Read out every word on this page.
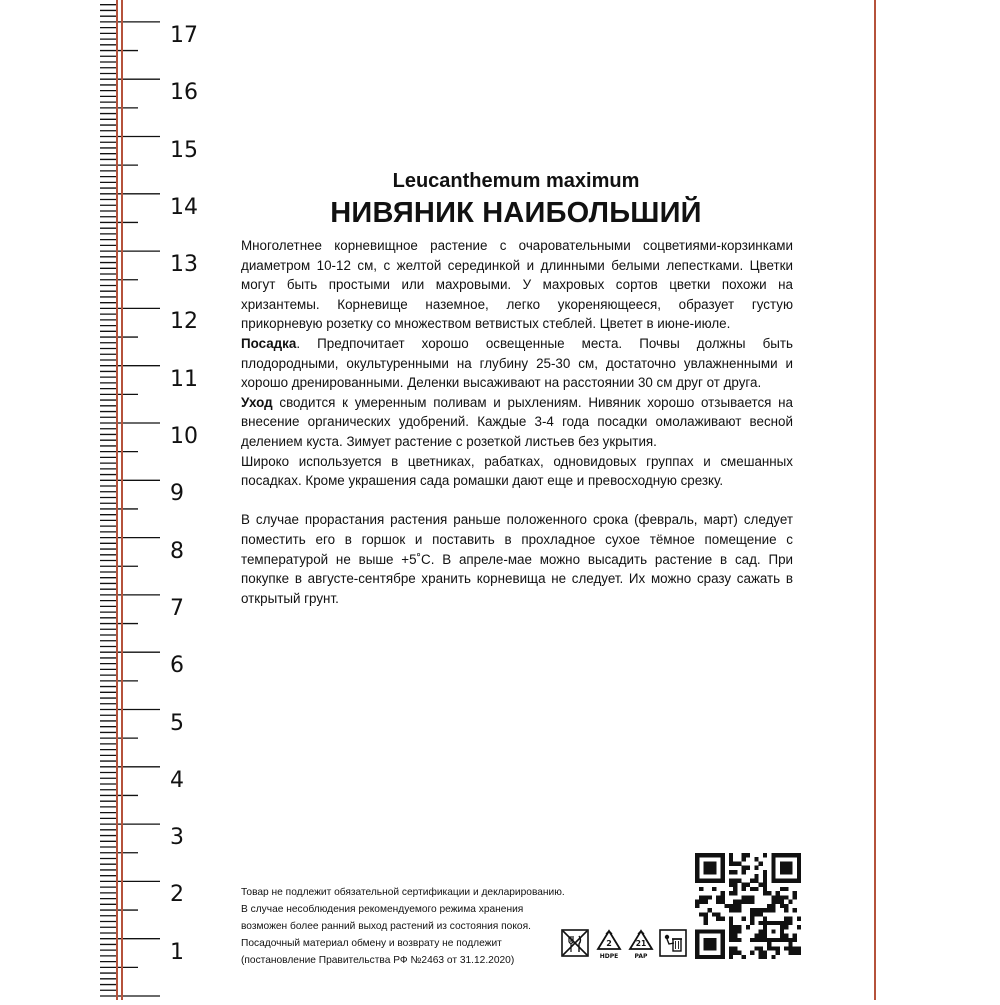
17
16
15
14
13
12
11
10
9
8
7
6
5
4
3
2
1
Leucanthemum maximum
НИВЯНИК НАИБОЛЬШИЙ

Многолетнее корневищное растение с очаровательными соцветиями-корзинками диаметром 10-12 см, с желтой серединкой и длинными белыми лепестками. Цветки могут быть простыми или махровыми. У махровых сортов цветки похожи на хризантемы. Корневище наземное, легко укореняющееся, образует густую прикорневую розетку со множеством ветвистых стеблей. Цветет в июне-июле.

Посадка. Предпочитает хорошо освещенные места. Почвы должны быть плодородными, окультуренными на глубину 25-30 см, достаточно увлажненными и хорошо дренированными. Деленки высаживают на расстоянии 30 см друг от друга.

Уход сводится к умеренным поливам и рыхлениям. Нивяник хорошо отзывается на внесение органических удобрений. Каждые 3-4 года посадки омолаживают весной делением куста. Зимует растение с розеткой листьев без укрытия.

Широко используется в цветниках, рабатках, одновидовых группах и смешанных посадках. Кроме украшения сада ромашки дают еще и превосходную срезку.

В случае прорастания растения раньше положенного срока (февраль, март) следует поместить его в горшок и поставить в прохладное сухое тёмное помещение с температурой не выше +5˚С. В апреле-мае можно высадить растение в сад. При покупке в августе-сентябре хранить корневища не следует. Их можно сразу сажать в открытый грунт.

Товар не подлежит обязательной сертификации и декларированию.
В случае несоблюдения рекомендуемого режима хранения
возможен более ранний выход растений из состояния покоя.
Посадочный материал обмену и возврату не подлежит
(постановление Правительства РФ №2463 от 31.12.2020)
2
HDPE
21
PAP
